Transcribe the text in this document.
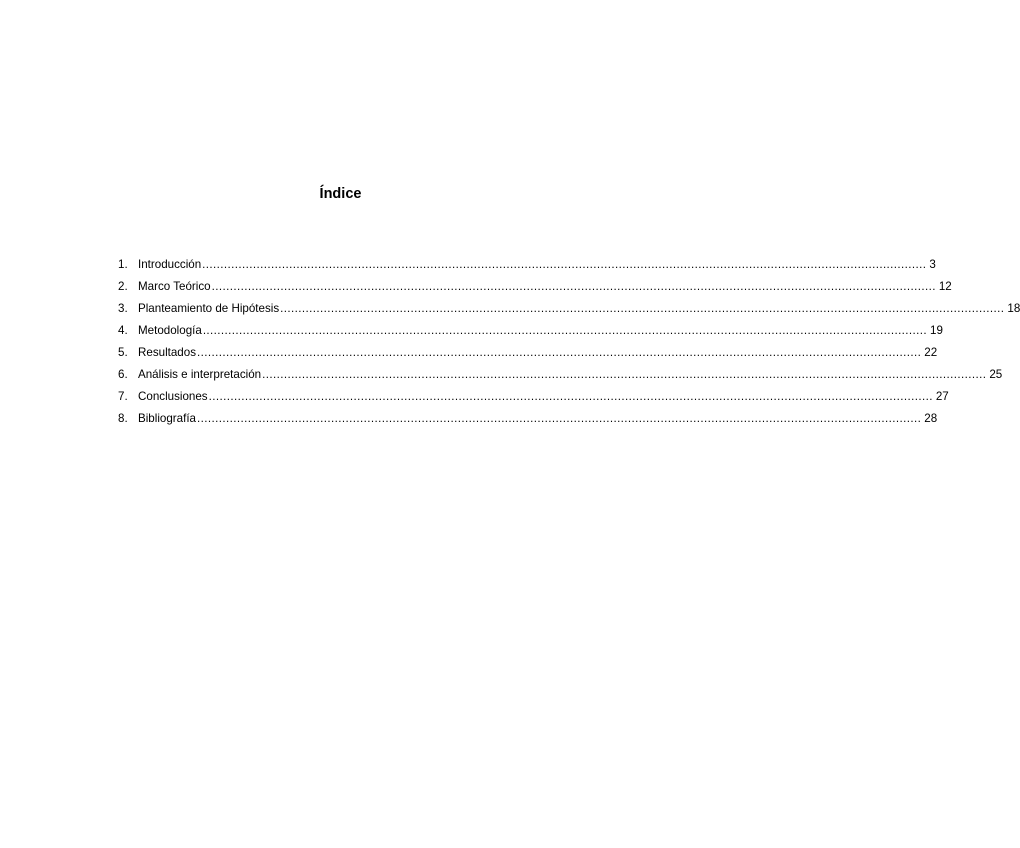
Índice
1. Introducción ........................................................................................................................................................................................................ 3
2. Marco Teórico ........................................................................................................................................................................................................ 12
3. Planteamiento de Hipótesis ........................................................................................................................................................................................................ 18
4. Metodología ........................................................................................................................................................................................................ 19
5. Resultados ........................................................................................................................................................................................................ 22
6. Análisis e interpretación ........................................................................................................................................................................................................ 25
7. Conclusiones ........................................................................................................................................................................................................ 27
8. Bibliografía ........................................................................................................................................................................................................ 28
